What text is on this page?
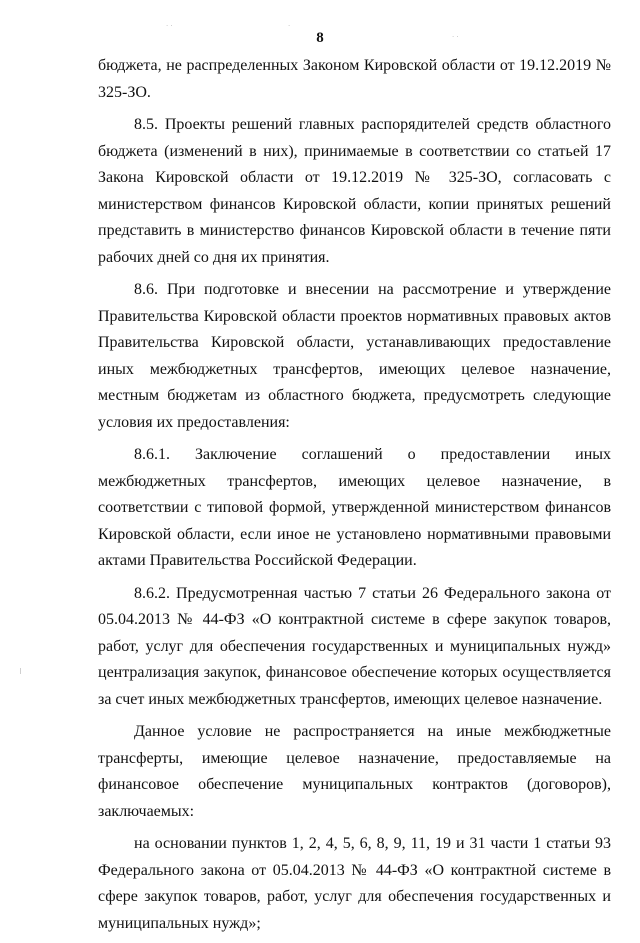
· ·	·
· ·
8

бюджета, не распределенных Законом Кировской области от 19.12.2019 № 325-ЗО.

8.5. Проекты решений главных распорядителей средств областного бюджета (изменений в них), принимаемые в соответствии со статьей 17 Закона Кировской области от 19.12.2019 № 325-ЗО, согласовать с министерством финансов Кировской области, копии принятых решений представить в министерство финансов Кировской области в течение пяти рабочих дней со дня их принятия.

8.6. При подготовке и внесении на рассмотрение и утверждение Правительства Кировской области проектов нормативных правовых актов Правительства Кировской области, устанавливающих предоставление иных межбюджетных трансфертов, имеющих целевое назначение, местным бюджетам из областного бюджета, предусмотреть следующие условия их предоставления:

8.6.1. Заключение соглашений о предоставлении иных межбюджетных трансфертов, имеющих целевое назначение, в соответствии с типовой формой, утвержденной министерством финансов Кировской области, если иное не установлено нормативными правовыми актами Правительства Российской Федерации.

8.6.2. Предусмотренная частью 7 статьи 26 Федерального закона от 05.04.2013 № 44-ФЗ «О контрактной системе в сфере закупок товаров, работ, услуг для обеспечения государственных и муниципальных нужд» централизация закупок, финансовое обеспечение которых осуществляется за счет иных межбюджетных трансфертов, имеющих целевое назначение.

Данное условие не распространяется на иные межбюджетные трансферты, имеющие целевое назначение, предоставляемые на финансовое обеспечение муниципальных контрактов (договоров), заключаемых:

на основании пунктов 1, 2, 4, 5, 6, 8, 9, 11, 19 и 31 части 1 статьи 93 Федерального закона от 05.04.2013 № 44-ФЗ «О контрактной системе в сфере закупок товаров, работ, услуг для обеспечения государственных и муниципальных нужд»;
